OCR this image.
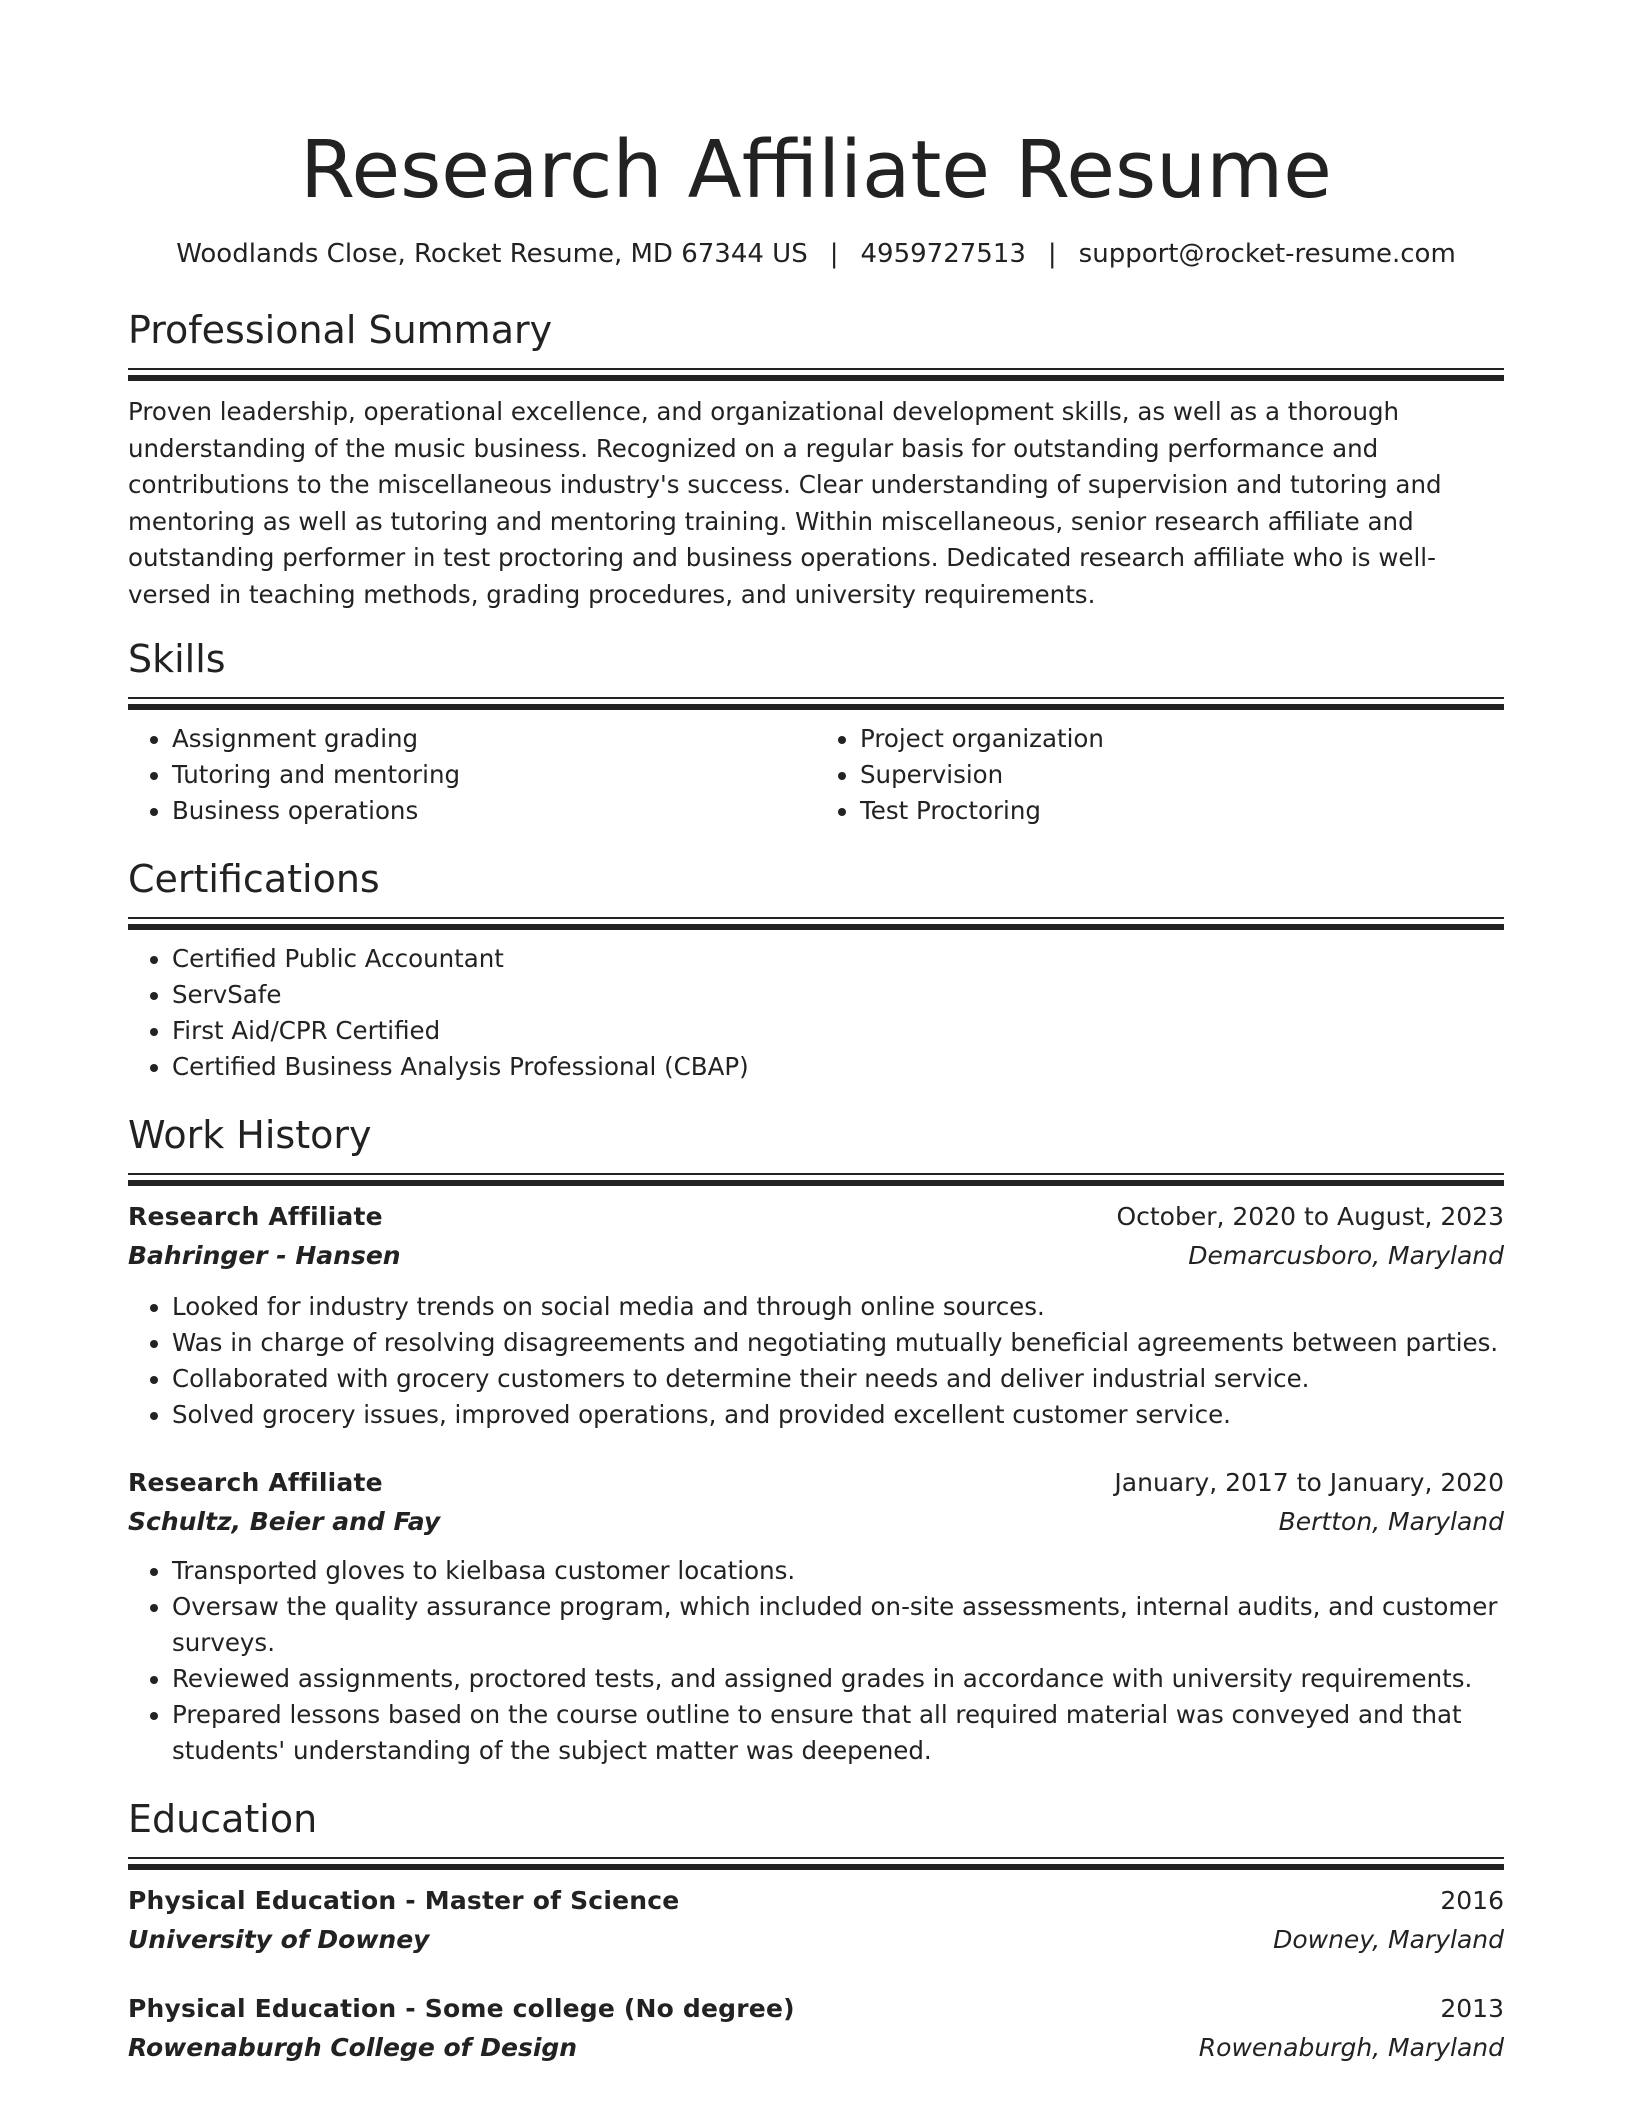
Research Affiliate Resume
Woodlands Close, Rocket Resume, MD 67344 US | 4959727513 | support@rocket-resume.com
Professional Summary

Proven leadership, operational excellence, and organizational development skills, as well as a thorough understanding of the music business. Recognized on a regular basis for outstanding performance and contributions to the miscellaneous industry's success. Clear understanding of supervision and tutoring and mentoring as well as tutoring and mentoring training. Within miscellaneous, senior research affiliate and outstanding performer in test proctoring and business operations. Dedicated research affiliate who is well-versed in teaching methods, grading procedures, and university requirements.

Skills
• Assignment grading
• Tutoring and mentoring
• Business operations
• Project organization
• Supervision
• Test Proctoring
Certifications
• Certified Public Accountant
• ServSafe
• First Aid/CPR Certified
• Certified Business Analysis Professional (CBAP)
Work History
Research Affiliate	October, 2020 to August, 2023
Bahringer - Hansen	Demarcusboro, Maryland
• Looked for industry trends on social media and through online sources.
• Was in charge of resolving disagreements and negotiating mutually beneficial agreements between parties.
• Collaborated with grocery customers to determine their needs and deliver industrial service.
• Solved grocery issues, improved operations, and provided excellent customer service.
Research Affiliate	January, 2017 to January, 2020
Schultz, Beier and Fay	Bertton, Maryland
• Transported gloves to kielbasa customer locations.
• Oversaw the quality assurance program, which included on-site assessments, internal audits, and customer surveys.
• Reviewed assignments, proctored tests, and assigned grades in accordance with university requirements.
• Prepared lessons based on the course outline to ensure that all required material was conveyed and that students' understanding of the subject matter was deepened.
Education
Physical Education - Master of Science	2016
University of Downey	Downey, Maryland
Physical Education - Some college (No degree)	2013
Rowenaburgh College of Design	Rowenaburgh, Maryland
